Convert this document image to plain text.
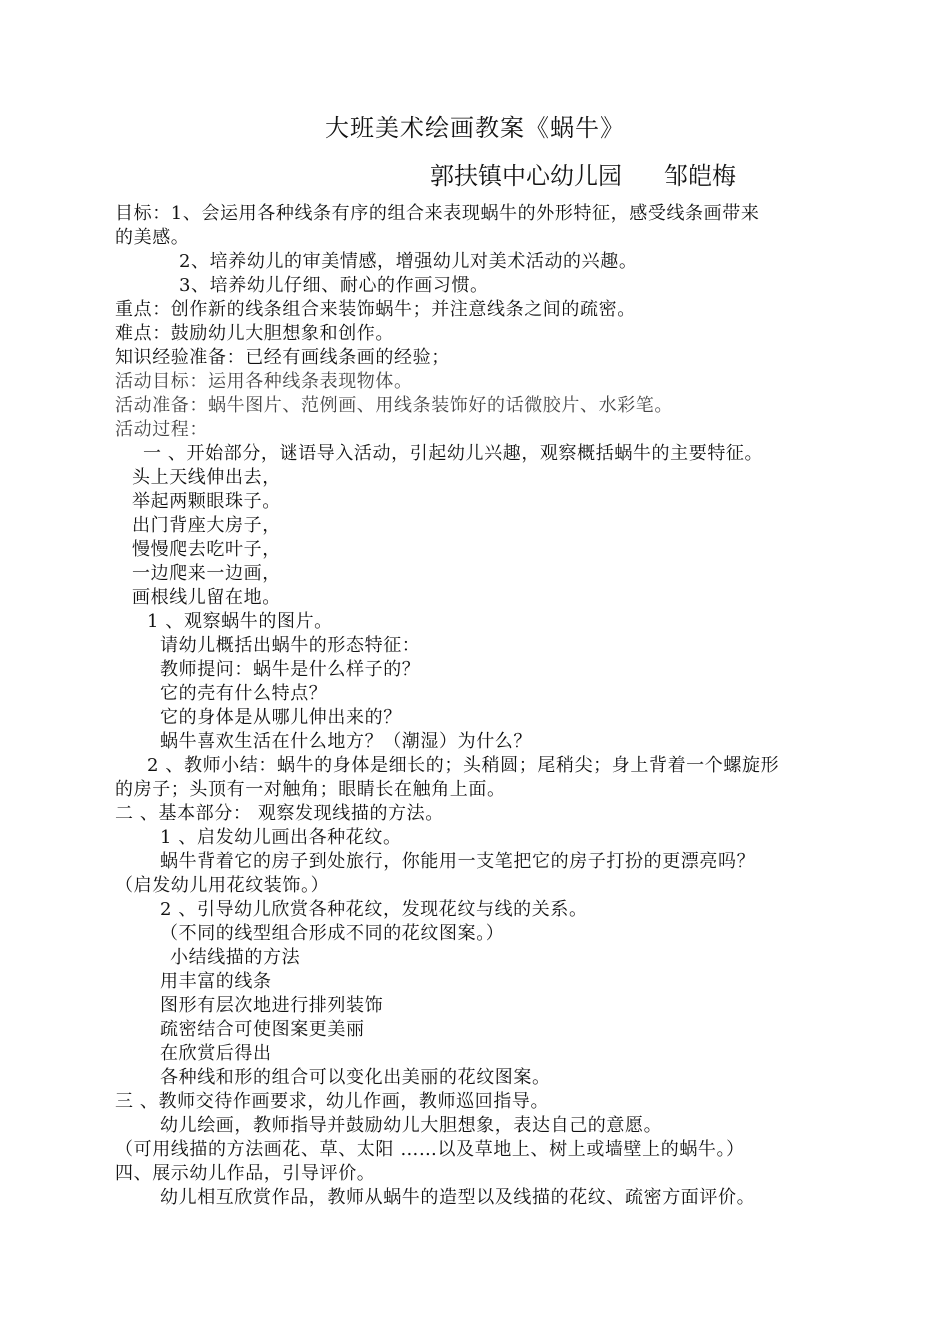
大班美术绘画教案《蜗牛》
郭扶镇中心幼儿园 邹皑梅
目标：1、会运用各种线条有序的组合来表现蜗牛的外形特征，感受线条画带来
的美感。
2、培养幼儿的审美情感，增强幼儿对美术活动的兴趣。
3、培养幼儿仔细、耐心的作画习惯。
重点：创作新的线条组合来装饰蜗牛；并注意线条之间的疏密。
难点：鼓励幼儿大胆想象和创作。
知识经验准备：已经有画线条画的经验；
活动目标：运用各种线条表现物体。
活动准备：蜗牛图片、范例画、用线条装饰好的话微胶片、水彩笔。
活动过程：
一 、开始部分，谜语导入活动，引起幼儿兴趣，观察概括蜗牛的主要特征。
头上天线伸出去，
举起两颗眼珠子。
出门背座大房子，
慢慢爬去吃叶子，
一边爬来一边画，
画根线儿留在地。
1 、观察蜗牛的图片。
请幼儿概括出蜗牛的形态特征：
教师提问：蜗牛是什么样子的？
它的壳有什么特点？
它的身体是从哪儿伸出来的？
蜗牛喜欢生活在什么地方？（潮湿）为什么？
2 、教师小结：蜗牛的身体是细长的；头稍圆；尾稍尖；身上背着一个螺旋形
的房子；头顶有一对触角；眼睛长在触角上面。
二 、基本部分： 观察发现线描的方法。
1 、启发幼儿画出各种花纹。
蜗牛背着它的房子到处旅行，你能用一支笔把它的房子打扮的更漂亮吗？
（启发幼儿用花纹装饰。）
2 、引导幼儿欣赏各种花纹，发现花纹与线的关系。
（不同的线型组合形成不同的花纹图案。）
小结线描的方法
用丰富的线条
图形有层次地进行排列装饰
疏密结合可使图案更美丽
在欣赏后得出
各种线和形的组合可以变化出美丽的花纹图案。
三 、教师交待作画要求，幼儿作画，教师巡回指导。
幼儿绘画，教师指导并鼓励幼儿大胆想象，表达自己的意愿。
（可用线描的方法画花、草、太阳 ……以及草地上、树上或墙壁上的蜗牛。）
四、展示幼儿作品，引导评价。
幼儿相互欣赏作品，教师从蜗牛的造型以及线描的花纹、疏密方面评价。
